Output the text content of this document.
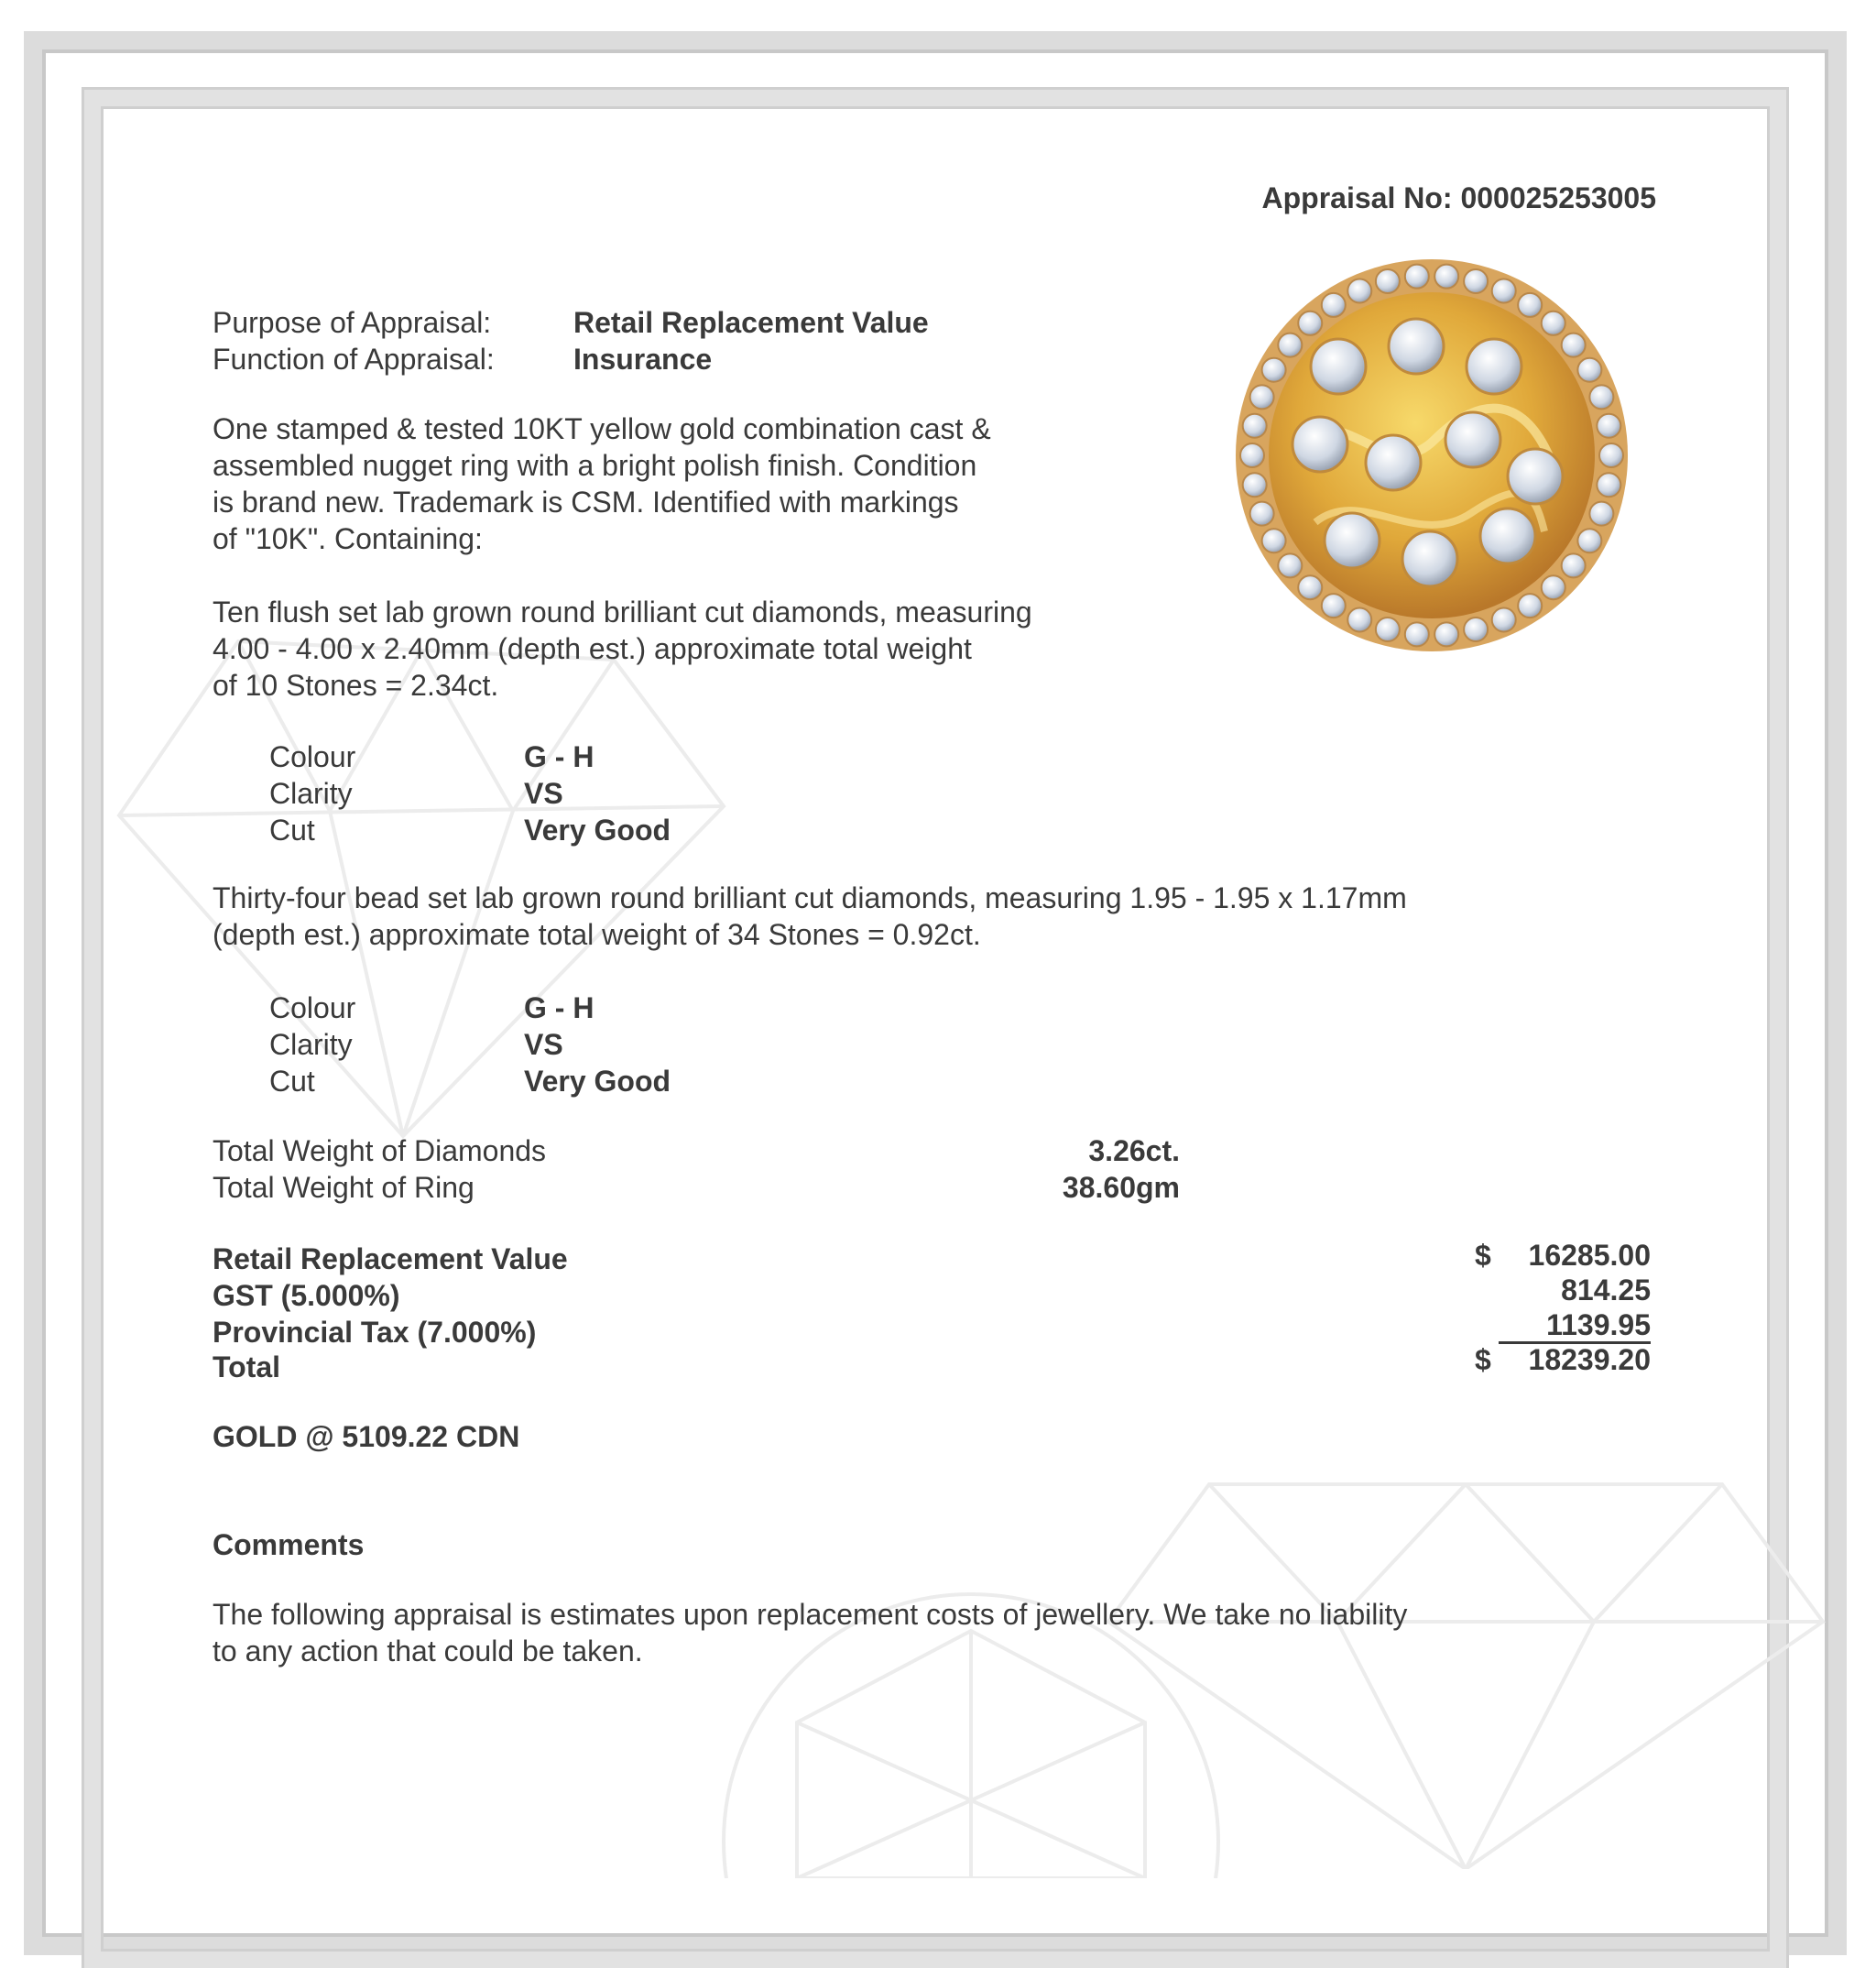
Appraisal No: 000025253005
Purpose of Appraisal:	Retail Replacement Value
Function of Appraisal:	Insurance
One stamped & tested 10KT yellow gold combination cast &
assembled nugget ring with a bright polish finish. Condition
is brand new. Trademark is CSM. Identified with markings
of "10K". Containing:
Ten flush set lab grown round brilliant cut diamonds, measuring
4.00 - 4.00 x 2.40mm (depth est.) approximate total weight
of 10 Stones = 2.34ct.
Colour	G - H
Clarity	VS
Cut	Very Good
Thirty-four bead set lab grown round brilliant cut diamonds, measuring 1.95 - 1.95 x 1.17mm
(depth est.) approximate total weight of 34 Stones = 0.92ct.
Colour	G - H
Clarity	VS
Cut	Very Good
Total Weight of Diamonds	3.26ct.
Total Weight of Ring	38.60gm
Retail Replacement Value	$ 16285.00
GST (5.000%)	814.25
Provincial Tax (7.000%)	1139.95
Total	$ 18239.20
GOLD @ 5109.22 CDN
Comments
The following appraisal is estimates upon replacement costs of jewellery. We take no liability
to any action that could be taken.
